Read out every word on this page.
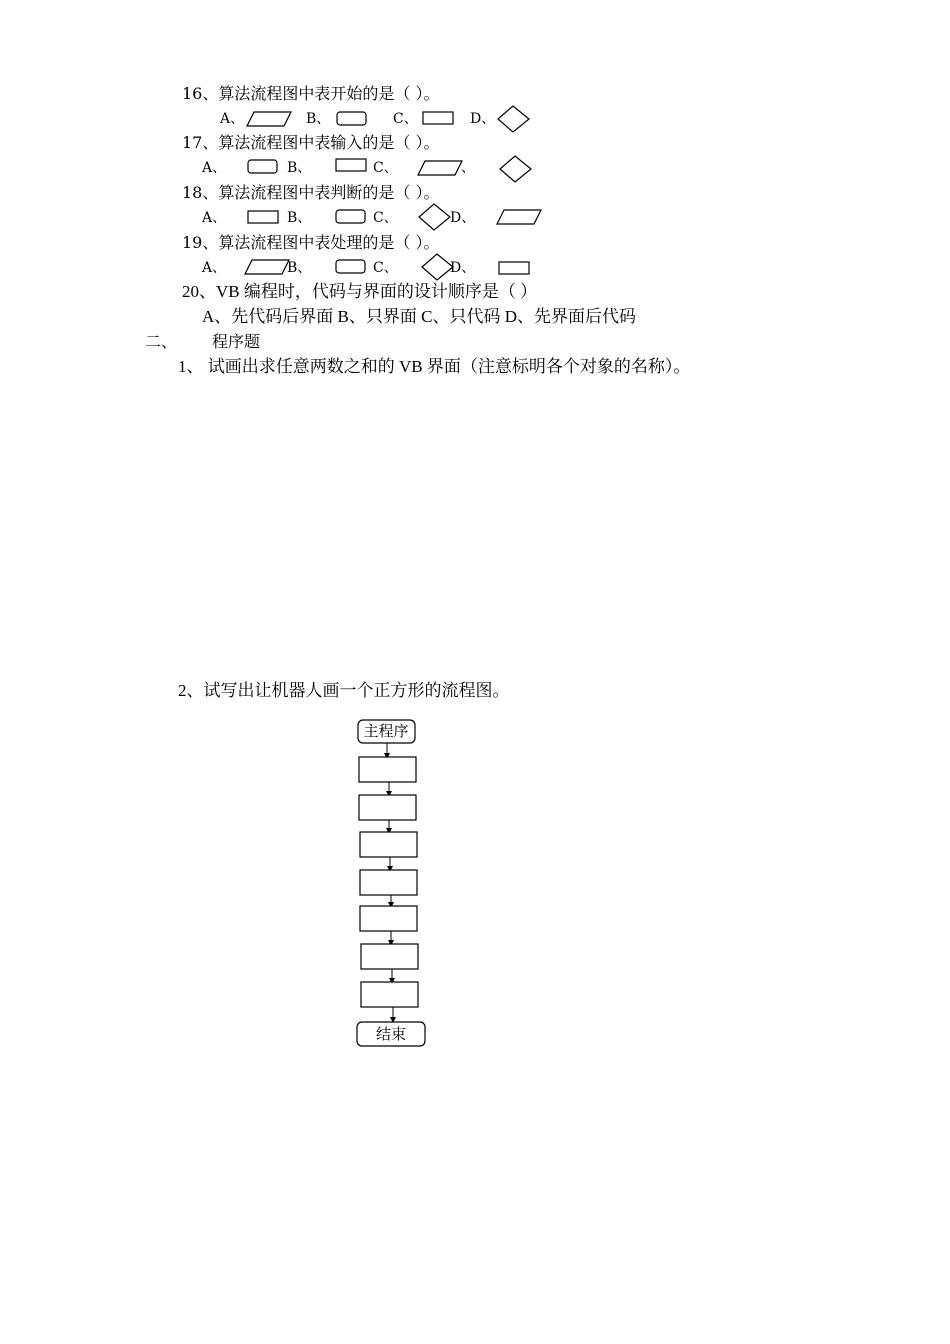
16、算法流程图中表开始的是（ ）。
A、	B、	C、	D、
17、算法流程图中表输入的是（ ）。
A、	B、	C、	、
18、算法流程图中表判断的是（ ）。
A、	B、	C、	D、
19、算法流程图中表处理的是（ ）。
A、	B、	C、	D、
20、VB 编程时，代码与界面的设计顺序是（ ）
A、先代码后界面 B、只界面 C、只代码 D、先界面后代码
二、 程序题
1、 试画出求任意两数之和的 VB 界面（注意标明各个对象的名称）。
2、试写出让机器人画一个正方形的流程图。
主程序
结束
